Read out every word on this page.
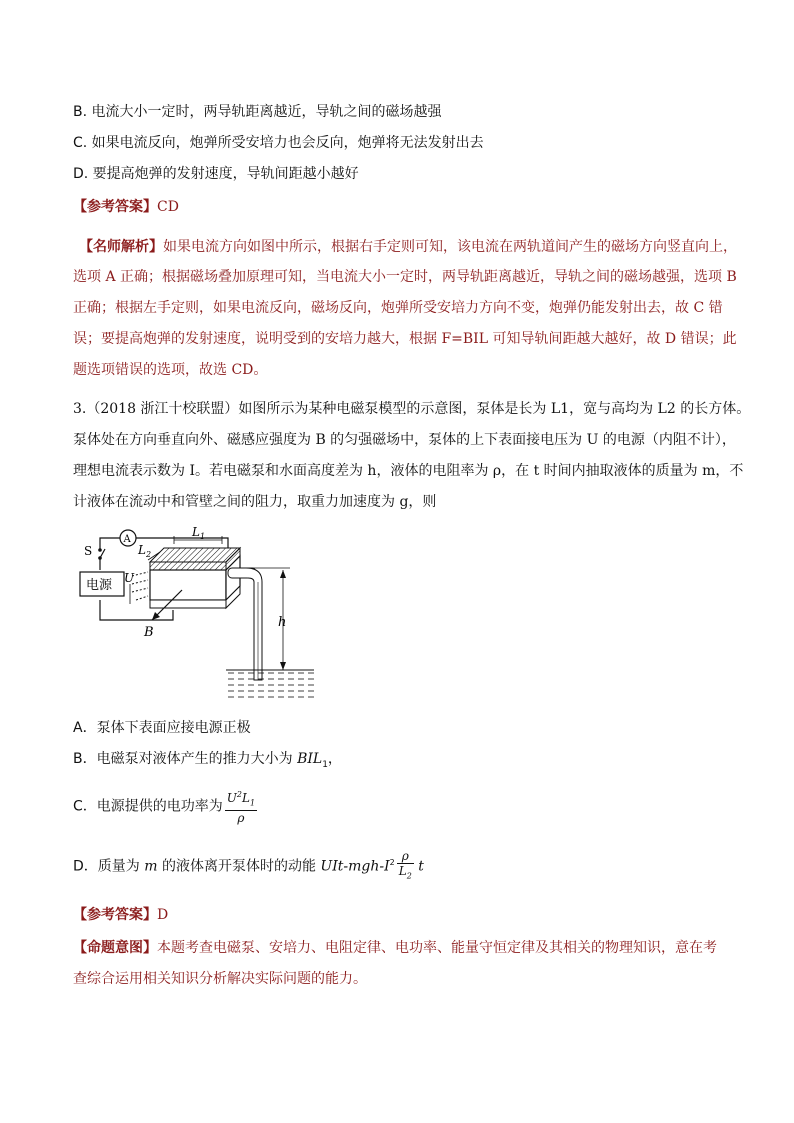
B. 电流大小一定时，两导轨距离越近，导轨之间的磁场越强
C. 如果电流反向，炮弹所受安培力也会反向，炮弹将无法发射出去
D. 要提高炮弹的发射速度，导轨间距越小越好
【参考答案】CD
【名师解析】如果电流方向如图中所示，根据右手定则可知，该电流在两轨道间产生的磁场方向竖直向上，
选项 A 正确；根据磁场叠加原理可知，当电流大小一定时，两导轨距离越近，导轨之间的磁场越强，选项 B
正确；根据左手定则，如果电流反向，磁场反向，炮弹所受安培力方向不变，炮弹仍能发射出去，故 C 错
误；要提高炮弹的发射速度，说明受到的安培力越大，根据 F=BIL 可知导轨间距越大越好，故 D 错误；此
题选项错误的选项，故选 CD。
3.（2018 浙江十校联盟）如图所示为某种电磁泵模型的示意图，泵体是长为 L1，宽与高均为 L2 的长方体。
泵体处在方向垂直向外、磁感应强度为 B 的匀强磁场中，泵体的上下表面接电压为 U 的电源（内阻不计），
理想电流表示数为 I。若电磁泵和水面高度差为 h，液体的电阻率为 ρ，在 t 时间内抽取液体的质量为 m，不
计液体在流动中和管壁之间的阻力，取重力加速度为 g，则
S
A
电源
$L_1$
$L_2$
U
B
h
A．泵体下表面应接电源正极
B．电磁泵对液体产生的推力大小为 $BIL_1$，
C．电源提供的电功率为 $\frac{U^2L_1}{\rho}$
D．质量为 m 的液体离开泵体时的动能 UIt-$mgh-I^2 \frac{\rho}{L_2}$ t
【参考答案】D
【命题意图】本题考查电磁泵、安培力、电阻定律、电功率、能量守恒定律及其相关的物理知识，意在考
查综合运用相关知识分析解决实际问题的能力。
